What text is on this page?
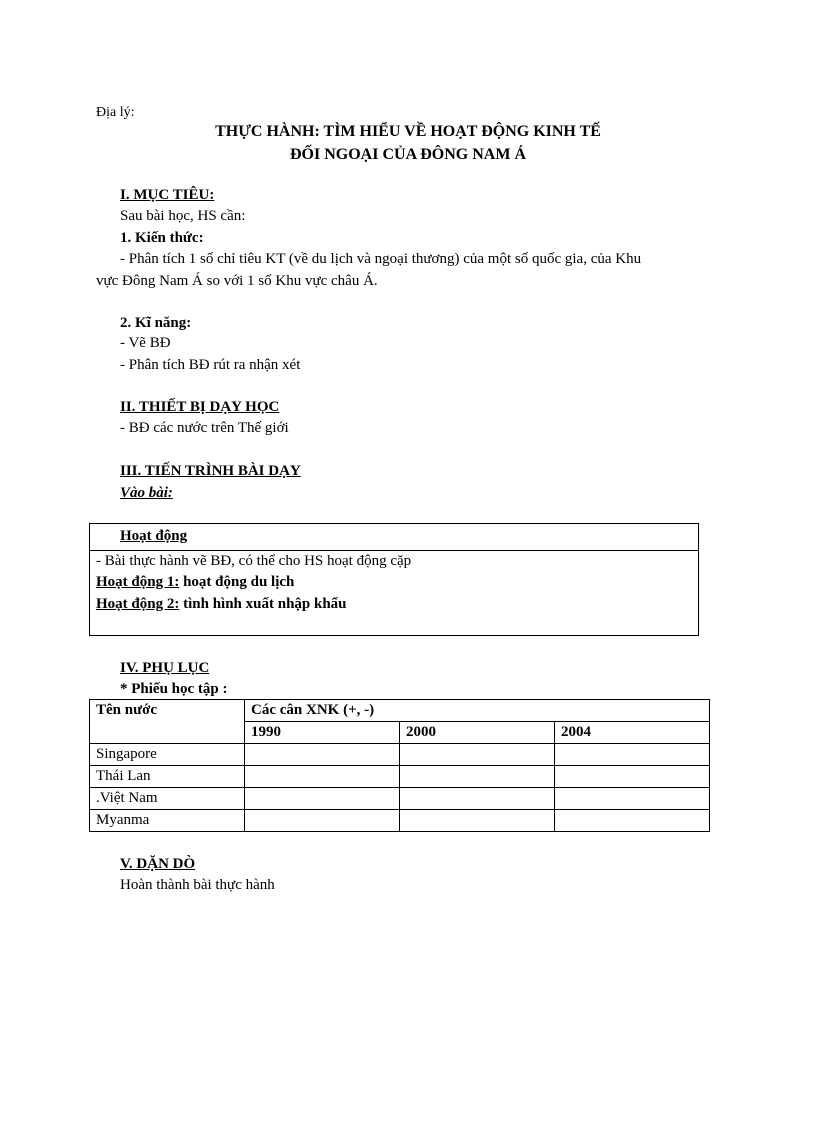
Địa lý:
THỰC HÀNH: TÌM HIỂU VỀ HOẠT ĐỘNG KINH TẾ
ĐỐI NGOẠI CỦA ĐÔNG NAM Á
I. MỤC TIÊU:
Sau bài học, HS cần:
1. Kiến thức:
- Phân tích 1 số chỉ tiêu KT (về du lịch và ngoại thương) của một số quốc gia, của Khu
vực Đông Nam Á so với 1 số Khu vực châu Á.
2. Kĩ năng:
- Vẽ BĐ
- Phân tích BĐ rút ra nhận xét
II. THIẾT BỊ DẠY HỌC
- BĐ các nước trên Thế giới
III. TIẾN TRÌNH BÀI DẠY
Vào bài:
Hoạt động
- Bài thực hành vẽ BĐ, có thể cho HS hoạt động cặp
Hoạt động 1: hoạt động du lịch
Hoạt động 2: tình hình xuất nhập khẩu
IV. PHỤ LỤC
* Phiếu học tập :
Tên nước	Các cân XNK (+, -)		
	1990	2000	2004
Singapore			
Thái Lan			
.Việt Nam			
Myanma			
V. DẶN DÒ
Hoàn thành bài thực hành
